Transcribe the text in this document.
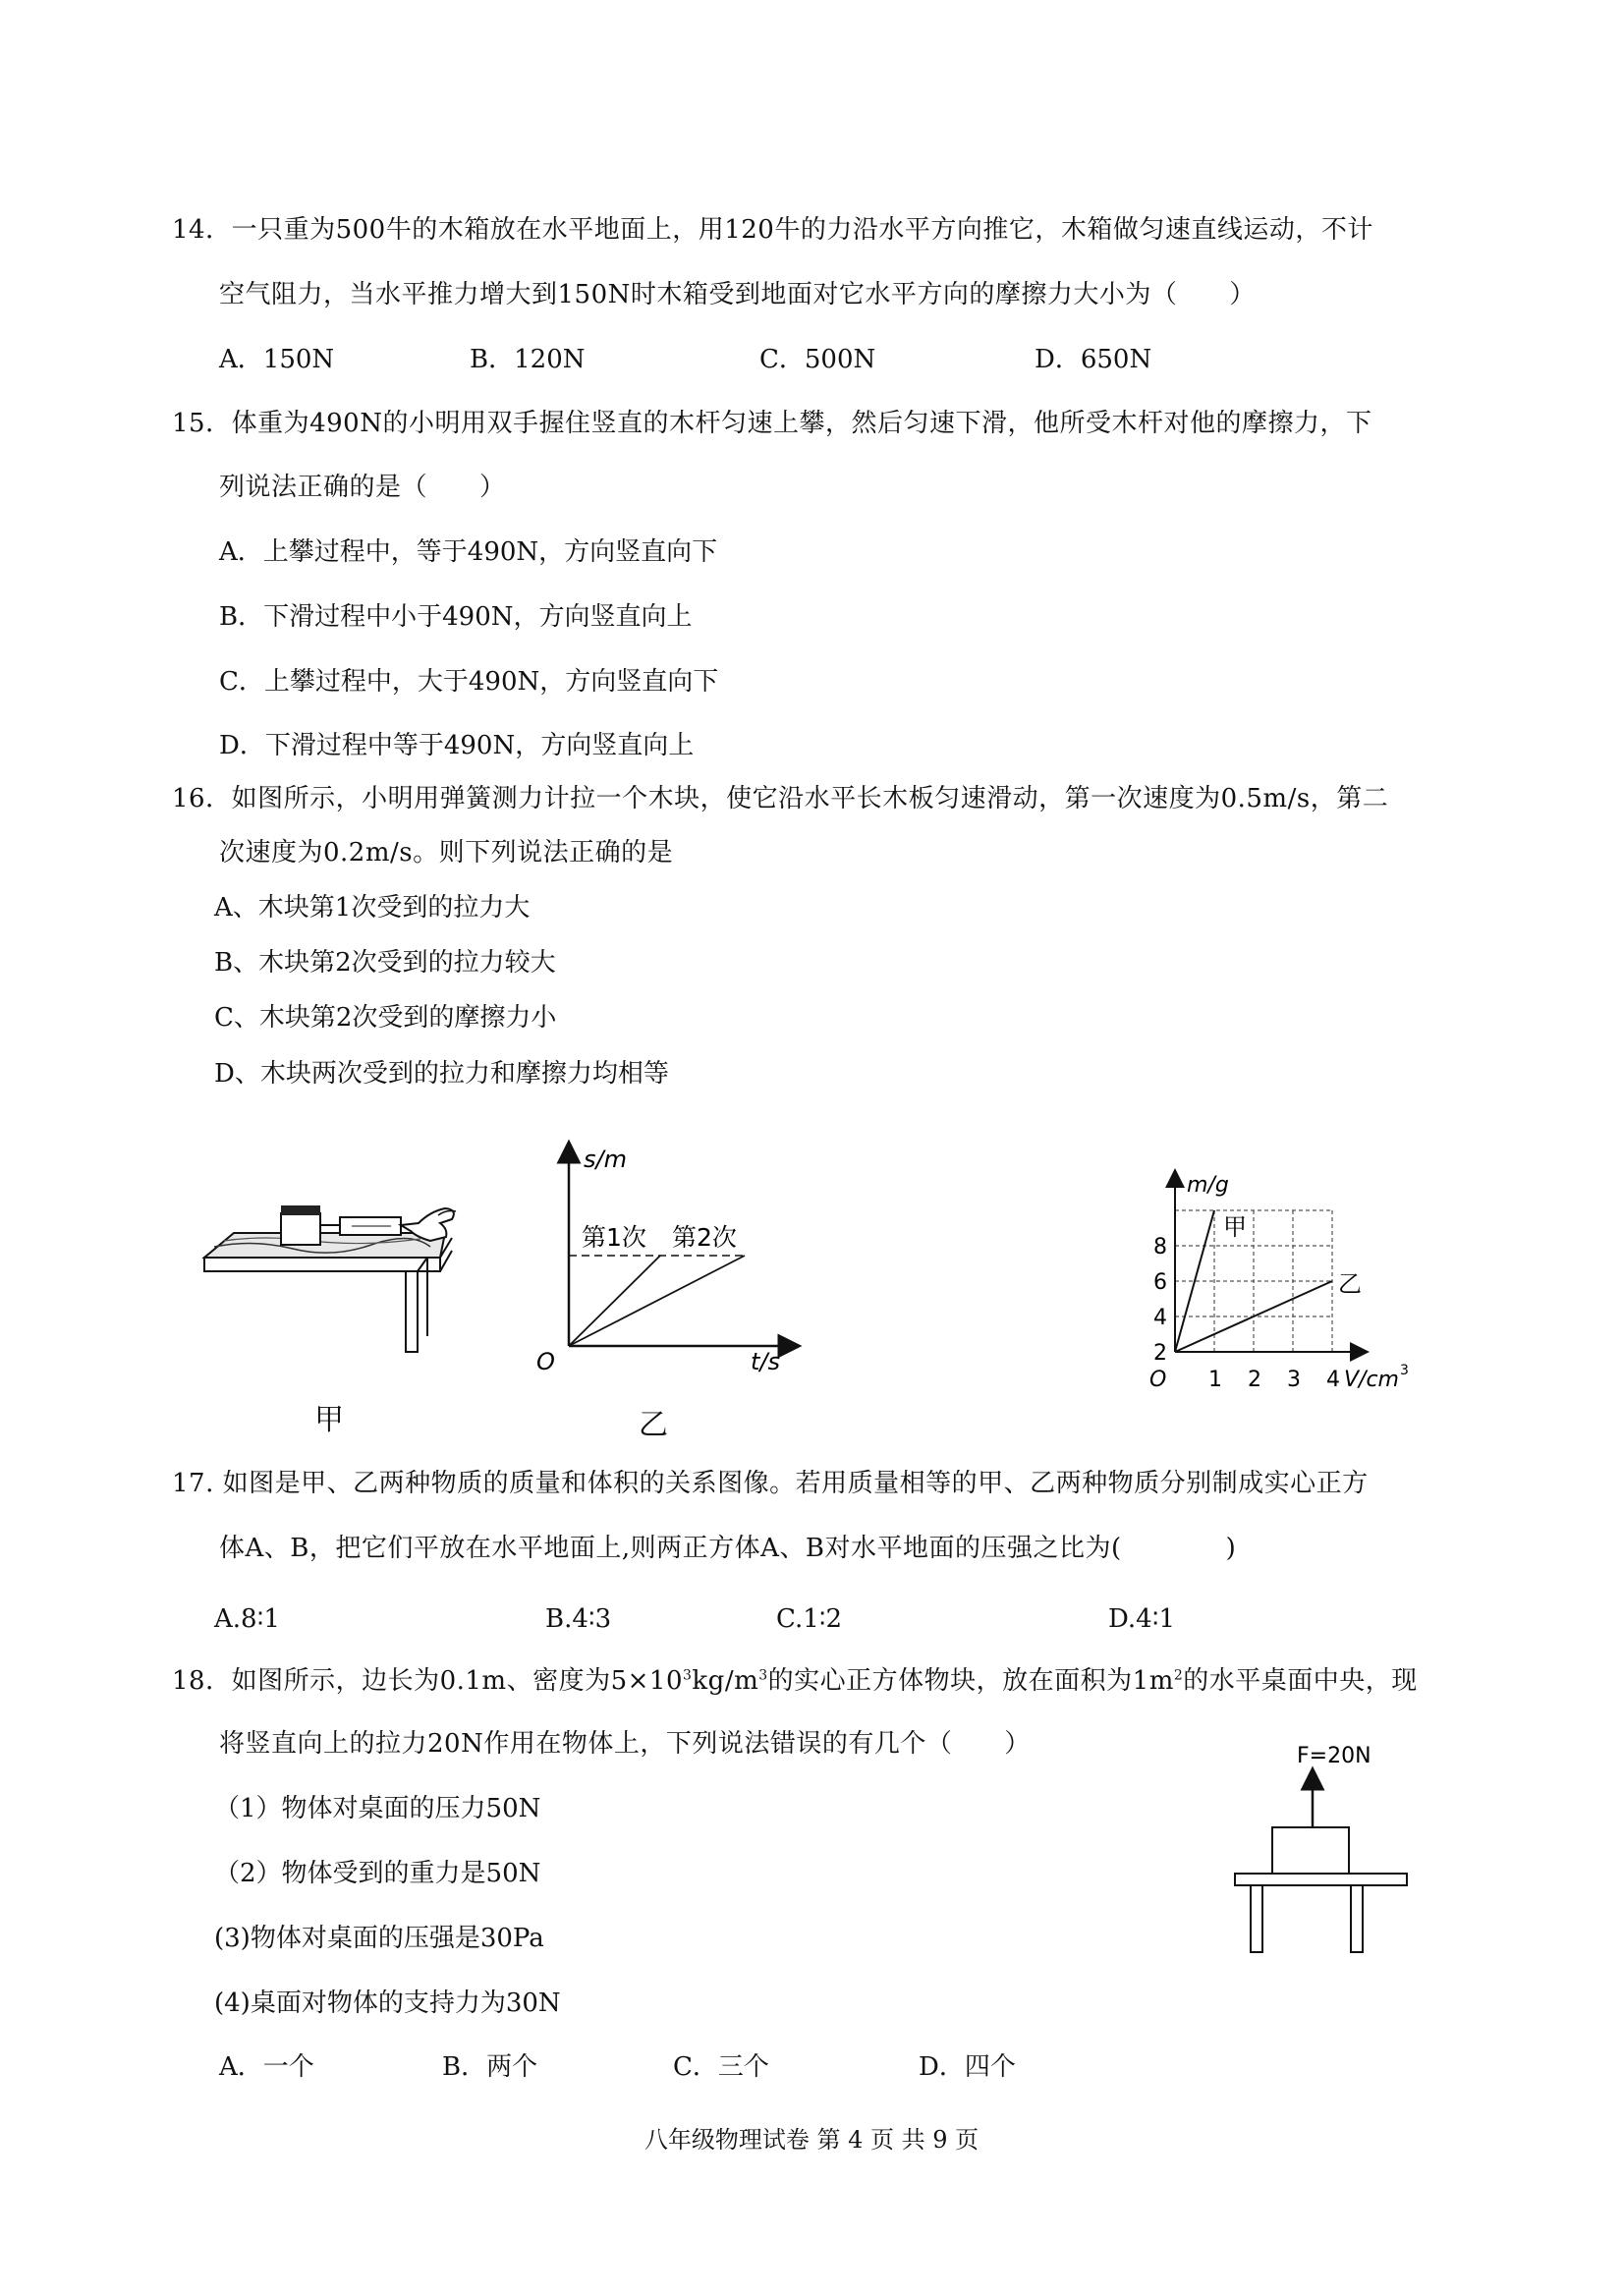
14．一只重为500牛的木箱放在水平地面上，用120牛的力沿水平方向推它，木箱做匀速直线运动，不计
空气阻力，当水平推力增大到150N时木箱受到地面对它水平方向的摩擦力大小为（　　）
A．150N	B．120N	C．500N	D．650N
15．体重为490N的小明用双手握住竖直的木杆匀速上攀，然后匀速下滑，他所受木杆对他的摩擦力，下
列说法正确的是（　　）
A．上攀过程中，等于490N，方向竖直向下
B．下滑过程中小于490N，方向竖直向上
C．上攀过程中，大于490N，方向竖直向下
D．下滑过程中等于490N，方向竖直向上
16．如图所示，小明用弹簧测力计拉一个木块，使它沿水平长木板匀速滑动，第一次速度为0.5m/s，第二
次速度为0.2m/s。则下列说法正确的是
A、木块第1次受到的拉力大
B、木块第2次受到的拉力较大
C、木块第2次受到的摩擦力小
D、木块两次受到的拉力和摩擦力均相等
甲
s/m
t/s
O
第1次 第2次
乙
m/g
2
4
6
8
O 1 2 3 4 V/cm 3
甲
乙
17. 如图是甲、乙两种物质的质量和体积的关系图像。若用质量相等的甲、乙两种物质分别制成实心正方
体A、B，把它们平放在水平地面上,则两正方体A、B对水平地面的压强之比为(　　　　)
A.8∶1	B.4∶3	C.1∶2	D.4∶1
18．如图所示，边长为0.1m、密度为$5\times 10^3kg/m^3$的实心正方体物块，放在面积为$1m^2$的水平桌面中央，现
将竖直向上的拉力20N作用在物体上，下列说法错误的有几个（　　）
（1）物体对桌面的压力50N
（2）物体受到的重力是50N
(3)物体对桌面的压强是30Pa
(4)桌面对物体的支持力为30N
A．一个	B．两个	C．三个	D．四个
F=20N
八年级物理试卷 第 4 页 共 9 页
